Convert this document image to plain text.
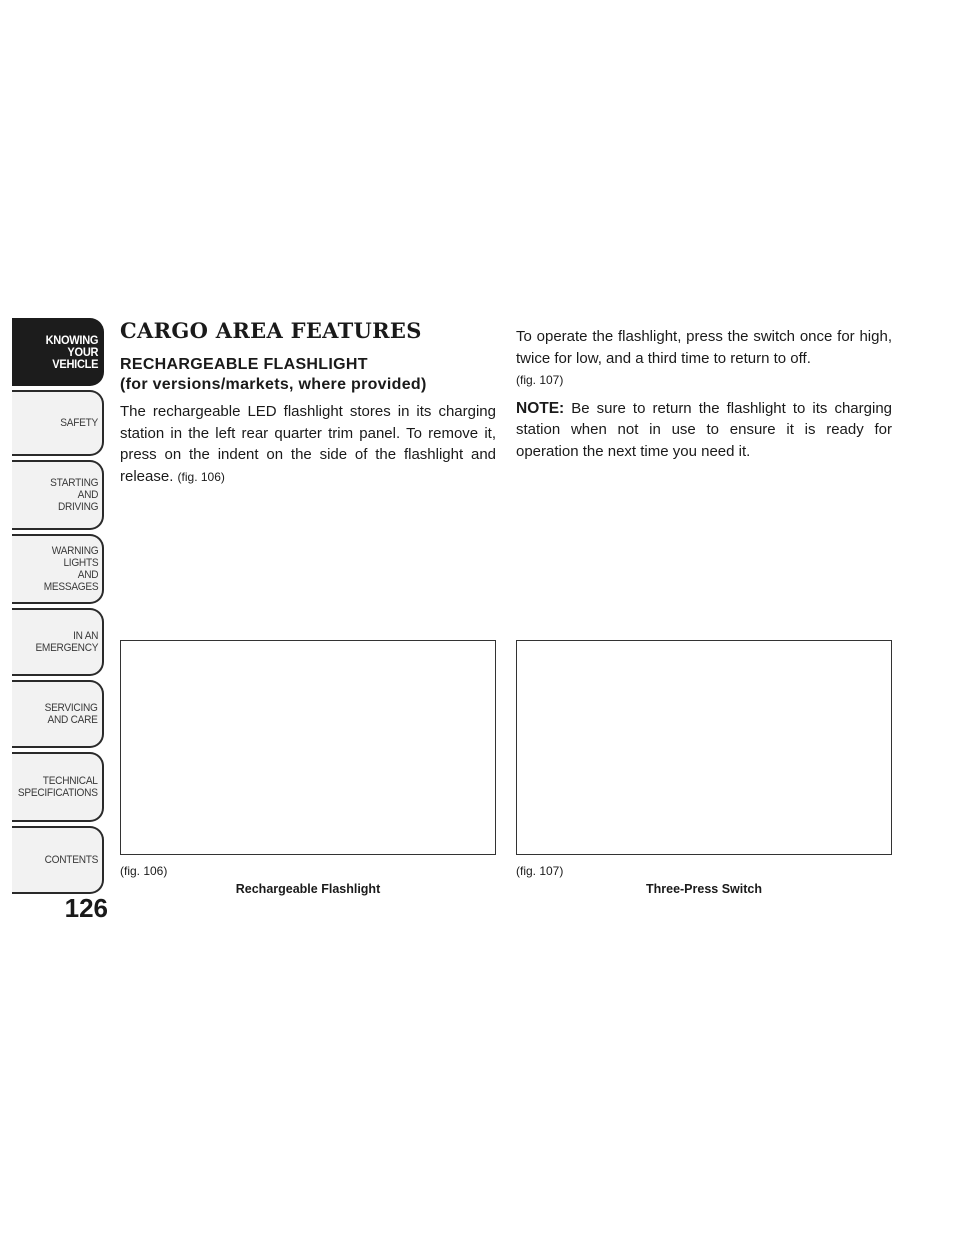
KNOWING
YOUR
VEHICLE
SAFETY
STARTING
AND
DRIVING
WARNING
LIGHTS
AND
MESSAGES
IN AN
EMERGENCY
SERVICING
AND CARE
TECHNICAL
SPECIFICATIONS
CONTENTS
126
CARGO AREA FEATURES
RECHARGEABLE FLASHLIGHT
(for versions/markets, where provided)

The rechargeable LED flashlight stores in its charging station in the left rear quarter trim panel. To remove it, press on the indent on the side of the flashlight and release. (fig. 106)

To operate the flashlight, press the switch once for high, twice for low, and a third time to return to off.
(fig. 107)

NOTE: Be sure to return the flashlight to its charging station when not in use to ensure it is ready for operation the next time you need it.

(fig. 106)
Rechargeable Flashlight
(fig. 107)
Three-Press Switch
